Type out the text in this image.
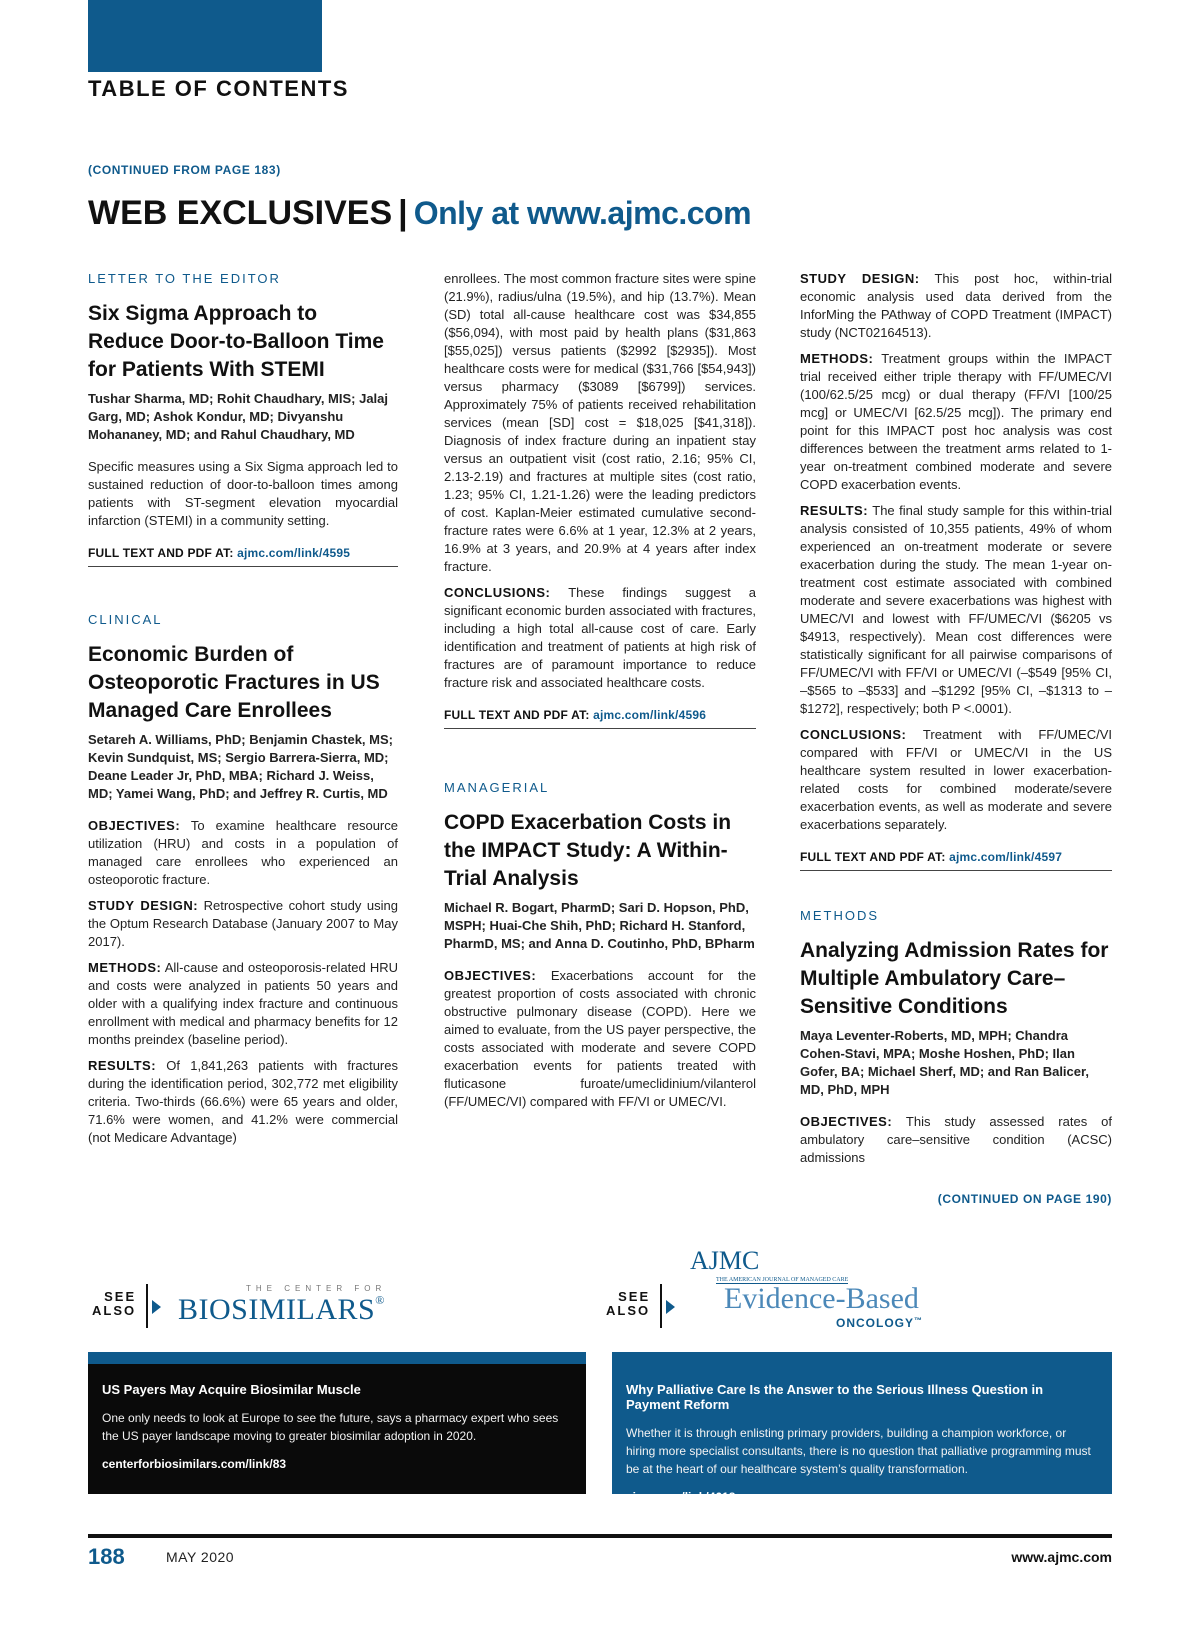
TABLE OF CONTENTS
(CONTINUED FROM PAGE 183)
WEB EXCLUSIVES | Only at www.ajmc.com
LETTER TO THE EDITOR
Six Sigma Approach to Reduce Door-to-Balloon Time for Patients With STEMI
Tushar Sharma, MD; Rohit Chaudhary, MIS; Jalaj Garg, MD; Ashok Kondur, MD; Divyanshu Mohananey, MD; and Rahul Chaudhary, MD

Specific measures using a Six Sigma approach led to sustained reduction of door-to-balloon times among patients with ST-segment elevation myocardial infarction (STEMI) in a community setting.

FULL TEXT AND PDF AT: ajmc.com/link/4595
CLINICAL
Economic Burden of Osteoporotic Fractures in US Managed Care Enrollees
Setareh A. Williams, PhD; Benjamin Chastek, MS; Kevin Sundquist, MS; Sergio Barrera-Sierra, MD; Deane Leader Jr, PhD, MBA; Richard J. Weiss, MD; Yamei Wang, PhD; and Jeffrey R. Curtis, MD

OBJECTIVES: To examine healthcare resource utilization (HRU) and costs in a population of managed care enrollees who experienced an osteoporotic fracture.

STUDY DESIGN: Retrospective cohort study using the Optum Research Database (January 2007 to May 2017).

METHODS: All-cause and osteoporosis-related HRU and costs were analyzed in patients 50 years and older with a qualifying index fracture and continuous enrollment with medical and pharmacy benefits for 12 months preindex (baseline period).

RESULTS: Of 1,841,263 patients with fractures during the identification period, 302,772 met eligibility criteria. Two-thirds (66.6%) were 65 years and older, 71.6% were women, and 41.2% were commercial (not Medicare Advantage)

enrollees. The most common fracture sites were spine (21.9%), radius/ulna (19.5%), and hip (13.7%). Mean (SD) total all-cause healthcare cost was $34,855 ($56,094), with most paid by health plans ($31,863 [$55,025]) versus patients ($2992 [$2935]). Most healthcare costs were for medical ($31,766 [$54,943]) versus pharmacy ($3089 [$6799]) services. Approximately 75% of patients received rehabilitation services (mean [SD] cost = $18,025 [$41,318]). Diagnosis of index fracture during an inpatient stay versus an outpatient visit (cost ratio, 2.16; 95% CI, 2.13-2.19) and fractures at multiple sites (cost ratio, 1.23; 95% CI, 1.21-1.26) were the leading predictors of cost. Kaplan-Meier estimated cumulative second-fracture rates were 6.6% at 1 year, 12.3% at 2 years, 16.9% at 3 years, and 20.9% at 4 years after index fracture.

CONCLUSIONS: These findings suggest a significant economic burden associated with fractures, including a high total all-cause cost of care. Early identification and treatment of patients at high risk of fractures are of paramount importance to reduce fracture risk and associated healthcare costs.

FULL TEXT AND PDF AT: ajmc.com/link/4596
MANAGERIAL
COPD Exacerbation Costs in the IMPACT Study: A Within-Trial Analysis
Michael R. Bogart, PharmD; Sari D. Hopson, PhD, MSPH; Huai-Che Shih, PhD; Richard H. Stanford, PharmD, MS; and Anna D. Coutinho, PhD, BPharm

OBJECTIVES: Exacerbations account for the greatest proportion of costs associated with chronic obstructive pulmonary disease (COPD). Here we aimed to evaluate, from the US payer perspective, the costs associated with moderate and severe COPD exacerbation events for patients treated with fluticasone furoate/umeclidinium/vilanterol (FF/UMEC/VI) compared with FF/VI or UMEC/VI.

STUDY DESIGN: This post hoc, within-trial economic analysis used data derived from the InforMing the PAthway of COPD Treatment (IMPACT) study (NCT02164513).

METHODS: Treatment groups within the IMPACT trial received either triple therapy with FF/UMEC/VI (100/62.5/25 mcg) or dual therapy (FF/VI [100/25 mcg] or UMEC/VI [62.5/25 mcg]). The primary end point for this IMPACT post hoc analysis was cost differences between the treatment arms related to 1-year on-treatment combined moderate and severe COPD exacerbation events.

RESULTS: The final study sample for this within-trial analysis consisted of 10,355 patients, 49% of whom experienced an on-treatment moderate or severe exacerbation during the study. The mean 1-year on-treatment cost estimate associated with combined moderate and severe exacerbations was highest with UMEC/VI and lowest with FF/UMEC/VI ($6205 vs $4913, respectively). Mean cost differences were statistically significant for all pairwise comparisons of FF/UMEC/VI with FF/VI or UMEC/VI (–$549 [95% CI, –$565 to –$533] and –$1292 [95% CI, –$1313 to –$1272], respectively; both P <.0001).

CONCLUSIONS: Treatment with FF/UMEC/VI compared with FF/VI or UMEC/VI in the US healthcare system resulted in lower exacerbation-related costs for combined moderate/severe exacerbation events, as well as moderate and severe exacerbations separately.

FULL TEXT AND PDF AT: ajmc.com/link/4597
METHODS
Analyzing Admission Rates for Multiple Ambulatory Care–Sensitive Conditions
Maya Leventer-Roberts, MD, MPH; Chandra Cohen-Stavi, MPA; Moshe Hoshen, PhD; Ilan Gofer, BA; Michael Sherf, MD; and Ran Balicer, MD, PhD, MPH

OBJECTIVES: This study assessed rates of ambulatory care–sensitive condition (ACSC) admissions

(CONTINUED ON PAGE 190)
SEE
ALSO
THE CENTER FOR
BIOSIMILARS®	SEE
ALSO
AJMC
THE AMERICAN JOURNAL OF MANAGED CARE
Evidence-Based
ONCOLOGY™
US Payers May Acquire Biosimilar Muscle
One only needs to look at Europe to see the future, says a pharmacy expert who sees the US payer landscape moving to greater biosimilar adoption in 2020.
centerforbiosimilars.com/link/83
Why Palliative Care Is the Answer to the Serious Illness Question in Payment Reform
Whether it is through enlisting primary providers, building a champion workforce, or hiring more specialist consultants, there is no question that palliative programming must be at the heart of our healthcare system’s quality transformation.
ajmc.com/link/4618
188	MAY 2020	www.ajmc.com
